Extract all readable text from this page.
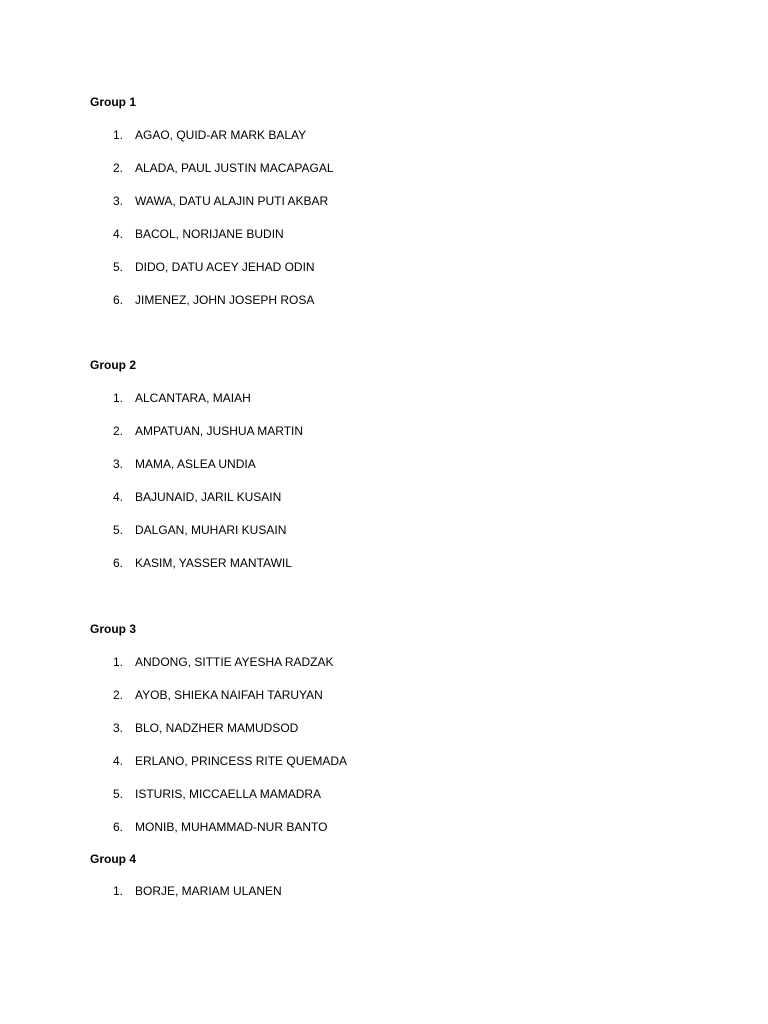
Group 1
1. AGAO, QUID-AR MARK BALAY
2. ALADA, PAUL JUSTIN MACAPAGAL
3. WAWA, DATU ALAJIN PUTI AKBAR
4. BACOL, NORIJANE BUDIN
5. DIDO, DATU ACEY JEHAD ODIN
6. JIMENEZ, JOHN JOSEPH ROSA
Group 2
1. ALCANTARA, MAIAH
2. AMPATUAN, JUSHUA MARTIN
3. MAMA, ASLEA UNDIA
4. BAJUNAID, JARIL KUSAIN
5. DALGAN, MUHARI KUSAIN
6. KASIM, YASSER MANTAWIL
Group 3
1. ANDONG, SITTIE AYESHA RADZAK
2. AYOB, SHIEKA NAIFAH TARUYAN
3. BLO, NADZHER MAMUDSOD
4. ERLANO, PRINCESS RITE QUEMADA
5. ISTURIS, MICCAELLA MAMADRA
6. MONIB, MUHAMMAD-NUR BANTO
Group 4
1. BORJE, MARIAM ULANEN
